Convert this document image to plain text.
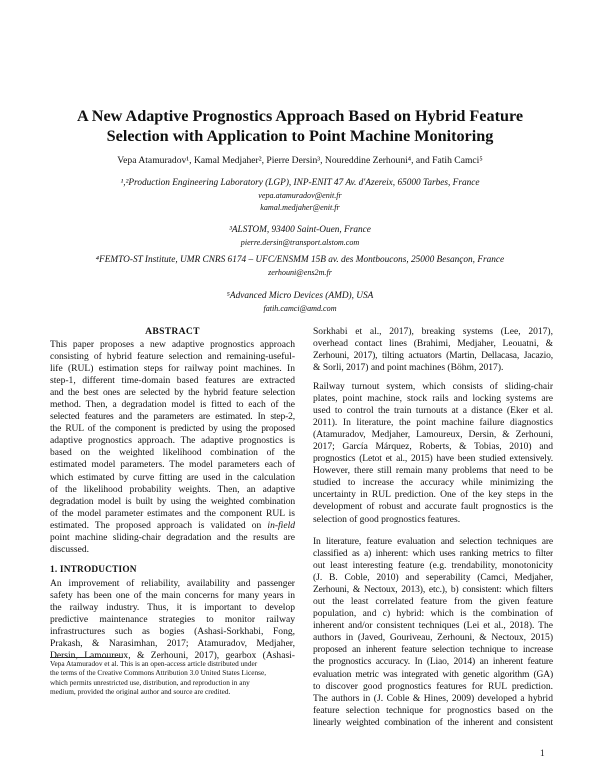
A New Adaptive Prognostics Approach Based on Hybrid Feature
Selection with Application to Point Machine Monitoring
Vepa Atamuradov¹, Kamal Medjaher², Pierre Dersin³, Noureddine Zerhouni⁴, and Fatih Camci⁵
¹,²Production Engineering Laboratory (LGP), INP-ENIT 47 Av. d'Azereix, 65000 Tarbes, France
vepa.atamuradov@enit.fr
kamal.medjaher@enit.fr
³ALSTOM, 93400 Saint-Ouen, France
pierre.dersin@transport.alstom.com
⁴FEMTO-ST Institute, UMR CNRS 6174 – UFC/ENSMM 15B av. des Montboucons, 25000 Besançon, France
zerhouni@ens2m.fr
⁵Advanced Micro Devices (AMD), USA
fatih.camci@amd.com
ABSTRACT
This paper proposes a new adaptive prognostics approach
consisting of hybrid feature selection and remaining-useful-
life (RUL) estimation steps for railway point machines. In
step-1, different time-domain based features are extracted
and the best ones are selected by the hybrid feature selection
method. Then, a degradation model is fitted to each of the
selected features and the parameters are estimated. In step-2,
the RUL of the component is predicted by using the proposed
adaptive prognostics approach. The adaptive prognostics is
based on the weighted likelihood combination of the
estimated model parameters. The model parameters each of
which estimated by curve fitting are used in the calculation
of the likelihood probability weights. Then, an adaptive
degradation model is built by using the weighted combination
of the model parameter estimates and the component RUL is
estimated. The proposed approach is validated on in-field
point machine sliding-chair degradation and the results are
discussed.
1. INTRODUCTION
An improvement of reliability, availability and passenger
safety has been one of the main concerns for many years in
the railway industry. Thus, it is important to develop
predictive maintenance strategies to monitor railway
infrastructures such as bogies (Ashasi-Sorkhabi, Fong,
Prakash, & Narasimhan, 2017; Atamuradov, Medjaher,
Dersin, Lamoureux, & Zerhouni, 2017), gearbox (Ashasi-
Vepa Atamuradov et al. This is an open-access article distributed under
the terms of the Creative Commons Attribution 3.0 United States License,
which permits unrestricted use, distribution, and reproduction in any
medium, provided the original author and source are credited.
Sorkhabi et al., 2017), breaking systems (Lee, 2017),
overhead contact lines (Brahimi, Medjaher, Leouatni, &
Zerhouni, 2017), tilting actuators (Martin, Dellacasa, Jacazio,
& Sorli, 2017) and point machines (Böhm, 2017).
Railway turnout system, which consists of sliding-chair
plates, point machine, stock rails and locking systems are
used to control the train turnouts at a distance (Eker et al.
2011). In literature, the point machine failure diagnostics
(Atamuradov, Medjaher, Lamoureux, Dersin, & Zerhouni,
2017; García Márquez, Roberts, & Tobias, 2010) and
prognostics (Letot et al., 2015) have been studied extensively.
However, there still remain many problems that need to be
studied to increase the accuracy while minimizing the
uncertainty in RUL prediction. One of the key steps in the
development of robust and accurate fault prognostics is the
selection of good prognostics features.
In literature, feature evaluation and selection techniques are
classified as a) inherent: which uses ranking metrics to filter
out least interesting feature (e.g. trendability, monotonicity
(J. B. Coble, 2010) and seperability (Camci, Medjaher,
Zerhouni, & Nectoux, 2013), etc.), b) consistent: which filters
out the least correlated feature from the given feature
population, and c) hybrid: which is the combination of
inherent and/or consistent techniques (Lei et al., 2018). The
authors in (Javed, Gouriveau, Zerhouni, & Nectoux, 2015)
proposed an inherent feature selection technique to increase
the prognostics accuracy. In (Liao, 2014) an inherent feature
evaluation metric was integrated with genetic algorithm (GA)
to discover good prognostics features for RUL prediction.
The authors in (J. Coble & Hines, 2009) developed a hybrid
feature selection technique for prognostics based on the
linearly weighted combination of the inherent and consistent
1
